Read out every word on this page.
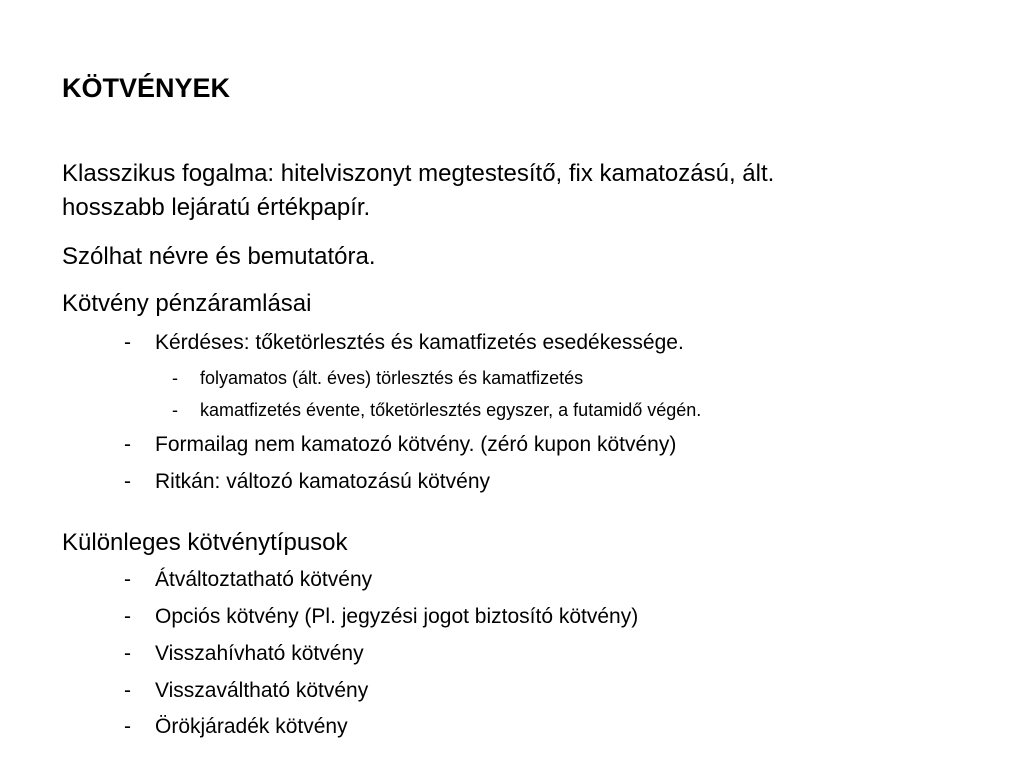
KÖTVÉNYEK
Klasszikus fogalma: hitelviszonyt megtestesítő, fix kamatozású, ált.
hosszabb lejáratú értékpapír.
Szólhat névre és bemutatóra.
Kötvény pénzáramlásai
- Kérdéses: tőketörlesztés és kamatfizetés esedékessége.
- folyamatos (ált. éves) törlesztés és kamatfizetés
- kamatfizetés évente, tőketörlesztés egyszer, a futamidő végén.
- Formailag nem kamatozó kötvény. (zéró kupon kötvény)
- Ritkán: változó kamatozású kötvény
Különleges kötvénytípusok
- Átváltoztatható kötvény
- Opciós kötvény (Pl. jegyzési jogot biztosító kötvény)
- Visszahívható kötvény
- Visszaváltható kötvény
- Örökjáradék kötvény
